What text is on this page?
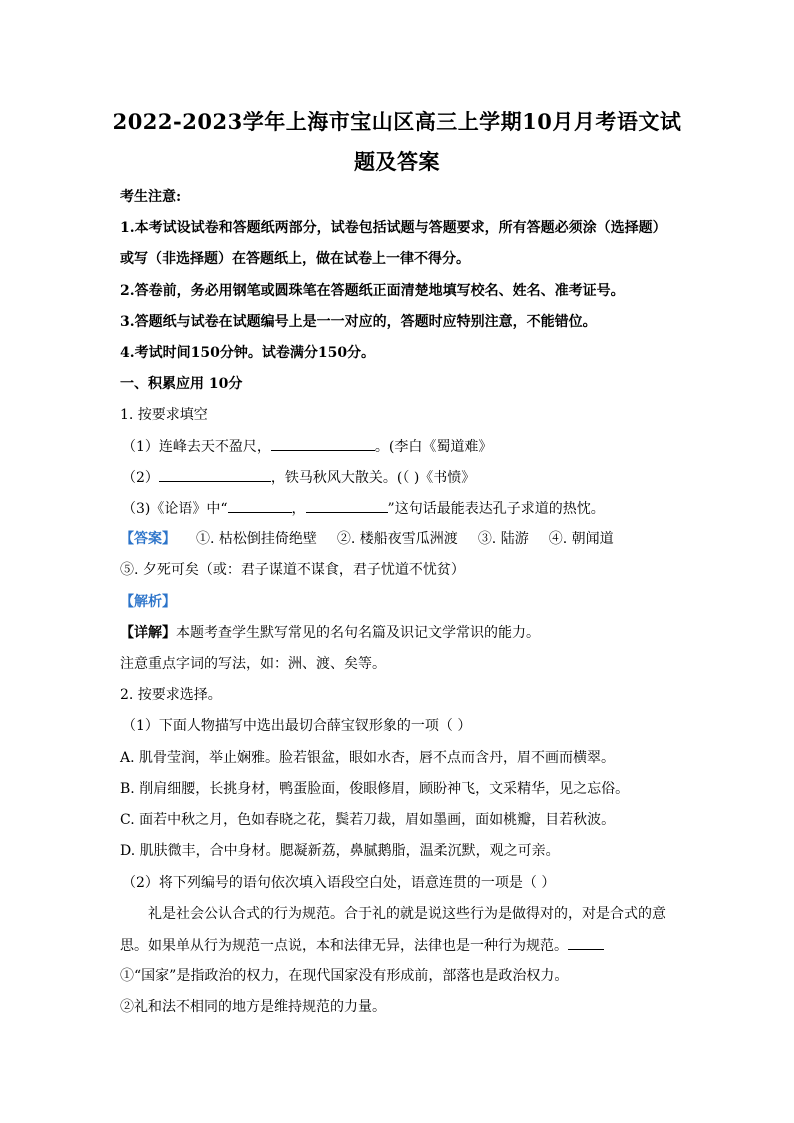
2022-2023学年上海市宝山区高三上学期10月月考语文试
题及答案
考生注意:
1.本考试设试卷和答题纸两部分，试卷包括试题与答题要求，所有答题必须涂（选择题）
或写（非选择题）在答题纸上，做在试卷上一律不得分。
2.答卷前，务必用钢笔或圆珠笔在答题纸正面清楚地填写校名、姓名、准考证号。
3.答题纸与试卷在试题编号上是一一对应的，答题时应特别注意，不能错位。
4.考试时间150分钟。试卷满分150分。
一、积累应用 10分
1. 按要求填空
（1）连峰去天不盈尺，	。(李白《蜀道难》
（2）	，铁马秋风大散关。(（ )《书愤》
（3)《论语》中“	，	”这句话最能表达孔子求道的热忱。
【答案】 ①. 枯松倒挂倚绝壁 ②. 楼船夜雪瓜洲渡 ③. 陆游 ④. 朝闻道
⑤. 夕死可矣（或：君子谋道不谋食，君子忧道不忧贫）
【解析】
【详解】本题考查学生默写常见的名句名篇及识记文学常识的能力。
注意重点字词的写法，如：洲、渡、矣等。
2. 按要求选择。
（1）下面人物描写中选出最切合薛宝钗形象的一项（ ）
A. 肌骨莹润，举止娴雅。脸若银盆，眼如水杏，唇不点而含丹，眉不画而横翠。
B. 削肩细腰，长挑身材，鸭蛋脸面，俊眼修眉，顾盼神飞，文采精华，见之忘俗。
C. 面若中秋之月，色如春晓之花，鬓若刀裁，眉如墨画，面如桃瓣，目若秋波。
D. 肌肤微丰，合中身材。腮凝新荔，鼻腻鹅脂，温柔沉默，观之可亲。
（2）将下列编号的语句依次填入语段空白处，语意连贯的一项是（ ）
礼是社会公认合式的行为规范。合于礼的就是说这些行为是做得对的，对是合式的意
思。如果单从行为规范一点说，本和法律无异，法律也是一种行为规范。
①“国家”是指政治的权力，在现代国家没有形成前，部落也是政治权力。
②礼和法不相同的地方是维持规范的力量。
